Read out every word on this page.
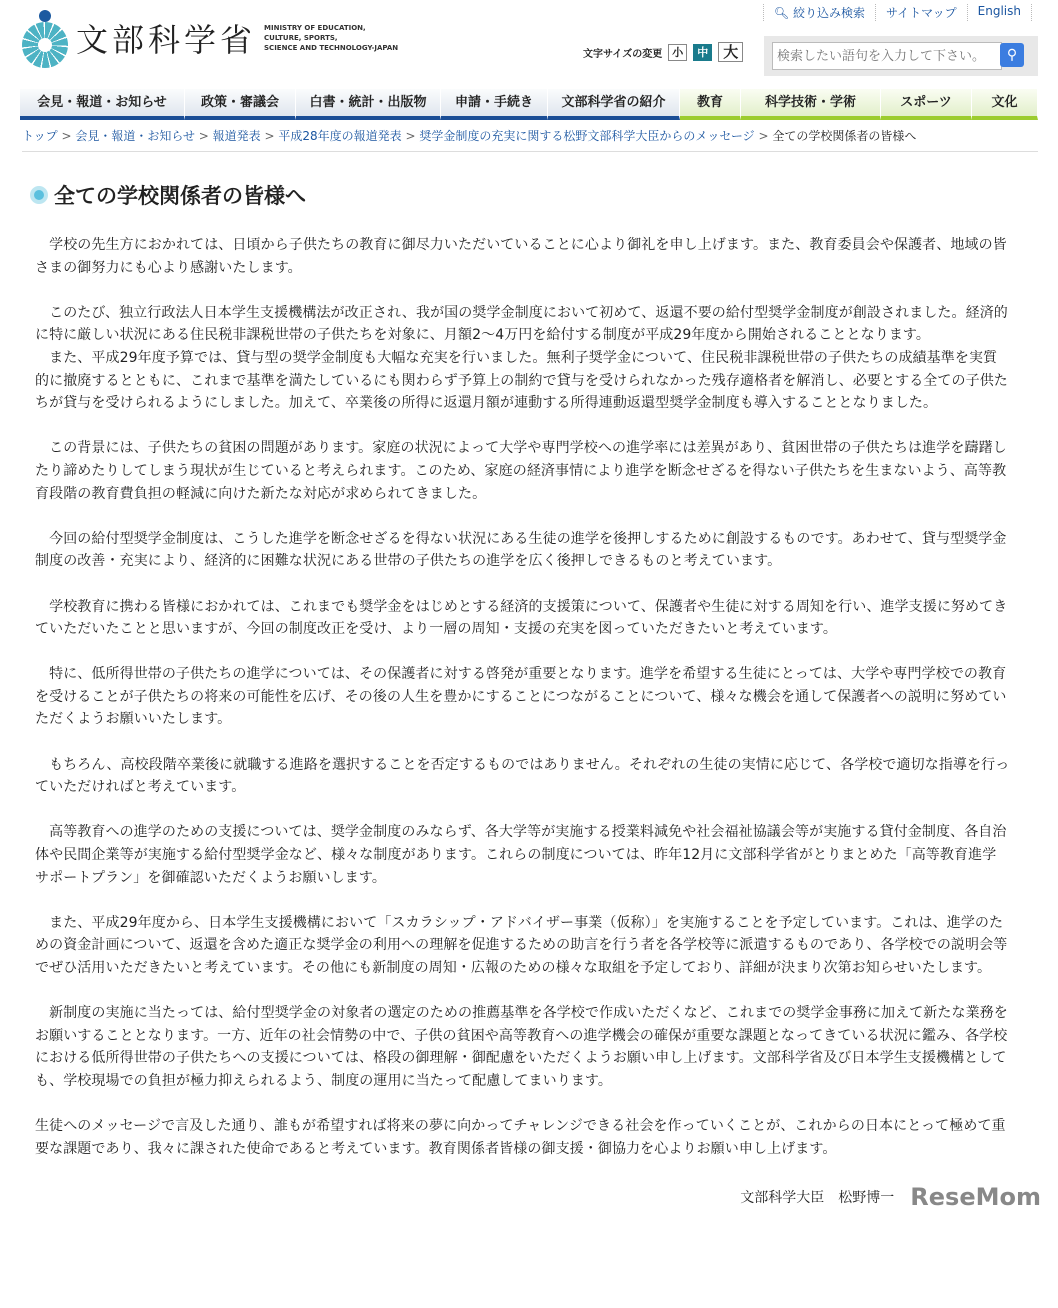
文部科学省 MINISTRY OF EDUCATION,
CULTURE, SPORTS,
SCIENCE AND TECHNOLOGY-JAPAN
🔍︎ 絞り込み検索	サイトマップ	English
文字サイズの変更 小	中	大
検索したい語句を入力して下さい。	⚲
会見・報道・お知らせ	政策・審議会	白書・統計・出版物	申請・手続き	文部科学省の紹介	教育	科学技術・学術	スポーツ	文化
トップ > 会見・報道・お知らせ > 報道発表 > 平成28年度の報道発表 > 奨学金制度の充実に関する松野文部科学大臣からのメッセージ > 全ての学校関係者の皆様へ
全ての学校関係者の皆様へ

　学校の先生方におかれては、日頃から子供たちの教育に御尽力いただいていることに心より御礼を申し上げます。また、教育委員会や保護者、地域の皆さまの御努力にも心より感謝いたします。

　このたび、独立行政法人日本学生支援機構法が改正され、我が国の奨学金制度において初めて、返還不要の給付型奨学金制度が創設されました。経済的に特に厳しい状況にある住民税非課税世帯の子供たちを対象に、月額2～4万円を給付する制度が平成29年度から開始されることとなります。
　また、平成29年度予算では、貸与型の奨学金制度も大幅な充実を行いました。無利子奨学金について、住民税非課税世帯の子供たちの成績基準を実質的に撤廃するとともに、これまで基準を満たしているにも関わらず予算上の制約で貸与を受けられなかった残存適格者を解消し、必要とする全ての子供たちが貸与を受けられるようにしました。加えて、卒業後の所得に返還月額が連動する所得連動返還型奨学金制度も導入することとなりました。

　この背景には、子供たちの貧困の問題があります。家庭の状況によって大学や専門学校への進学率には差異があり、貧困世帯の子供たちは進学を躊躇したり諦めたりしてしまう現状が生じていると考えられます。このため、家庭の経済事情により進学を断念せざるを得ない子供たちを生まないよう、高等教育段階の教育費負担の軽減に向けた新たな対応が求められてきました。

　今回の給付型奨学金制度は、こうした進学を断念せざるを得ない状況にある生徒の進学を後押しするために創設するものです。あわせて、貸与型奨学金制度の改善・充実により、経済的に困難な状況にある世帯の子供たちの進学を広く後押しできるものと考えています。

　学校教育に携わる皆様におかれては、これまでも奨学金をはじめとする経済的支援策について、保護者や生徒に対する周知を行い、進学支援に努めてきていただいたことと思いますが、今回の制度改正を受け、より一層の周知・支援の充実を図っていただきたいと考えています。

　特に、低所得世帯の子供たちの進学については、その保護者に対する啓発が重要となります。進学を希望する生徒にとっては、大学や専門学校での教育を受けることが子供たちの将来の可能性を広げ、その後の人生を豊かにすることにつながることについて、様々な機会を通して保護者への説明に努めていただくようお願いいたします。

　もちろん、高校段階卒業後に就職する進路を選択することを否定するものではありません。それぞれの生徒の実情に応じて、各学校で適切な指導を行っていただければと考えています。

　高等教育への進学のための支援については、奨学金制度のみならず、各大学等が実施する授業料減免や社会福祉協議会等が実施する貸付金制度、各自治体や民間企業等が実施する給付型奨学金など、様々な制度があります。これらの制度については、昨年12月に文部科学省がとりまとめた「高等教育進学サポートプラン」を御確認いただくようお願いします。

　また、平成29年度から、日本学生支援機構において「スカラシップ・アドバイザー事業（仮称）」を実施することを予定しています。これは、進学のための資金計画について、返還を含めた適正な奨学金の利用への理解を促進するための助言を行う者を各学校等に派遣するものであり、各学校での説明会等でぜひ活用いただきたいと考えています。その他にも新制度の周知・広報のための様々な取組を予定しており、詳細が決まり次第お知らせいたします。

　新制度の実施に当たっては、給付型奨学金の対象者の選定のための推薦基準を各学校で作成いただくなど、これまでの奨学金事務に加えて新たな業務をお願いすることとなります。一方、近年の社会情勢の中で、子供の貧困や高等教育への進学機会の確保が重要な課題となってきている状況に鑑み、各学校における低所得世帯の子供たちへの支援については、格段の御理解・御配慮をいただくようお願い申し上げます。文部科学省及び日本学生支援機構としても、学校現場での負担が極力抑えられるよう、制度の運用に当たって配慮してまいります。

生徒へのメッセージで言及した通り、誰もが希望すれば将来の夢に向かってチャレンジできる社会を作っていくことが、これからの日本にとって極めて重要な課題であり、我々に課された使命であると考えています。教育関係者皆様の御支援・御協力を心よりお願い申し上げます。

文部科学大臣　松野博一 ReseMom
